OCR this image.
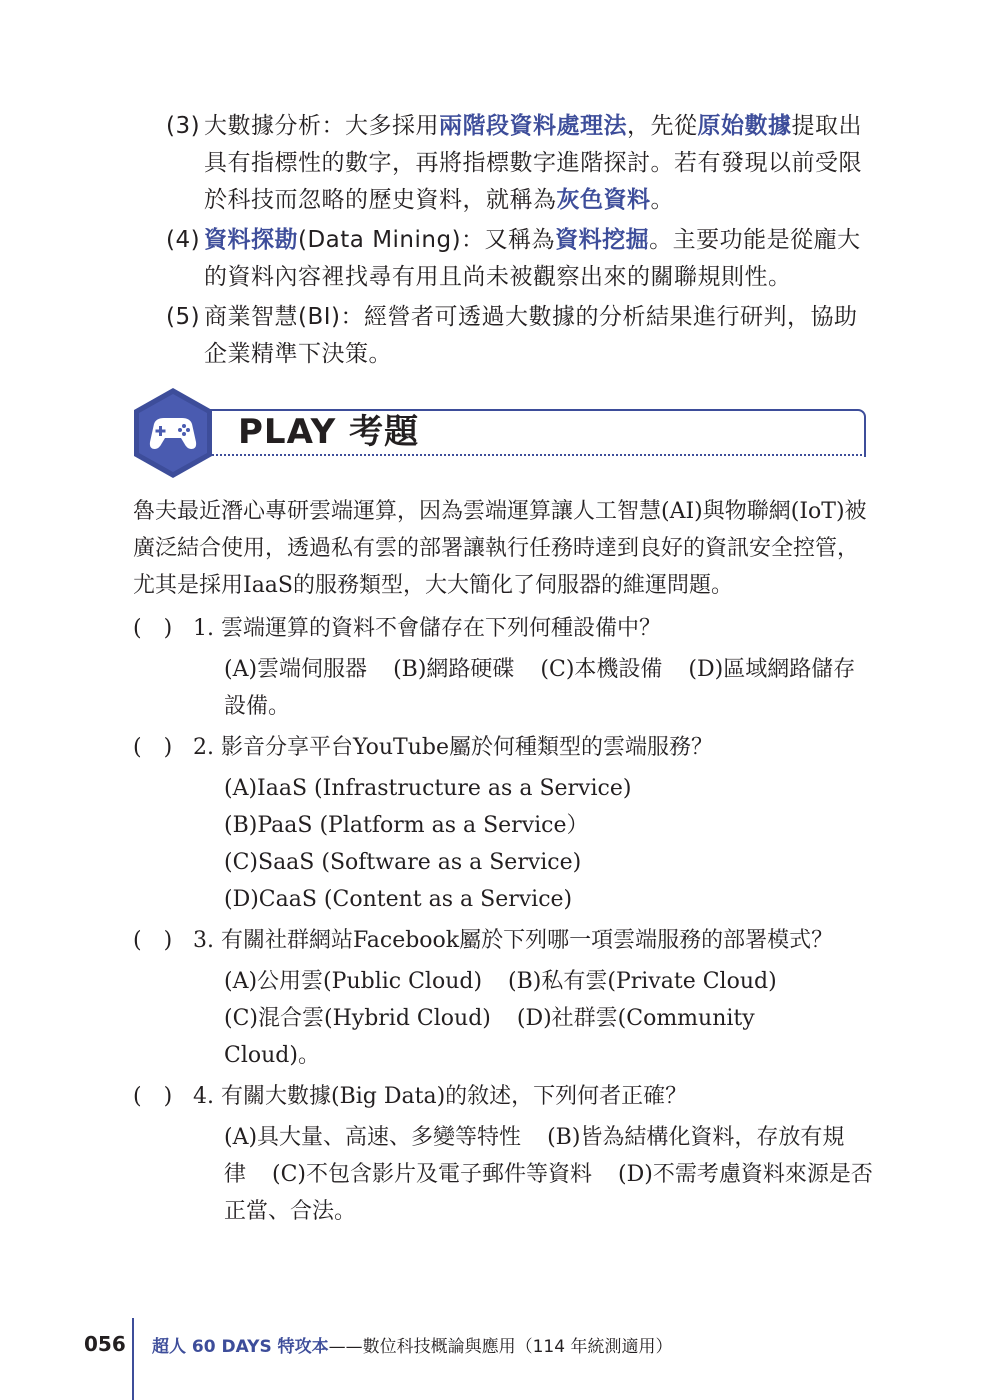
(3) 大數據分析：大多採用兩階段資料處理法，先從原始數據提取出具有指標性的數字，再將指標數字進階探討。若有發現以前受限於科技而忽略的歷史資料，就稱為灰色資料。
(4) 資料探勘(Data Mining)：又稱為資料挖掘。主要功能是從龐大的資料內容裡找尋有用且尚未被觀察出來的關聯規則性。
(5) 商業智慧(BI)：經營者可透過大數據的分析結果進行研判，協助企業精準下決策。
PLAY 考題

魯夫最近潛心專研雲端運算，因為雲端運算讓人工智慧(AI)與物聯網(IoT)被廣泛結合使用，透過私有雲的部署讓執行任務時達到良好的資訊安全控管，尤其是採用IaaS的服務類型，大大簡化了伺服器的維運問題。

(　) 1. 雲端運算的資料不會儲存在下列何種設備中？
(A)雲端伺服器 (B)網路硬碟 (C)本機設備 (D)區域網路儲存設備。
(　) 2. 影音分享平台YouTube屬於何種類型的雲端服務？
(A)IaaS (Infrastructure as a Service)
(B)PaaS (Platform as a Service）
(C)SaaS (Software as a Service)
(D)CaaS (Content as a Service)
(　) 3. 有關社群網站Facebook屬於下列哪一項雲端服務的部署模式？
(A)公用雲(Public Cloud) (B)私有雲(Private Cloud)
(C)混合雲(Hybrid Cloud) (D)社群雲(Community Cloud)。
(　) 4. 有關大數據(Big Data)的敘述，下列何者正確？
(A)具大量、高速、多變等特性 (B)皆為結構化資料，存放有規律 (C)不包含影片及電子郵件等資料 (D)不需考慮資料來源是否正當、合法。
056 超人 60 DAYS 特攻本——數位科技概論與應用（114 年統測適用）
